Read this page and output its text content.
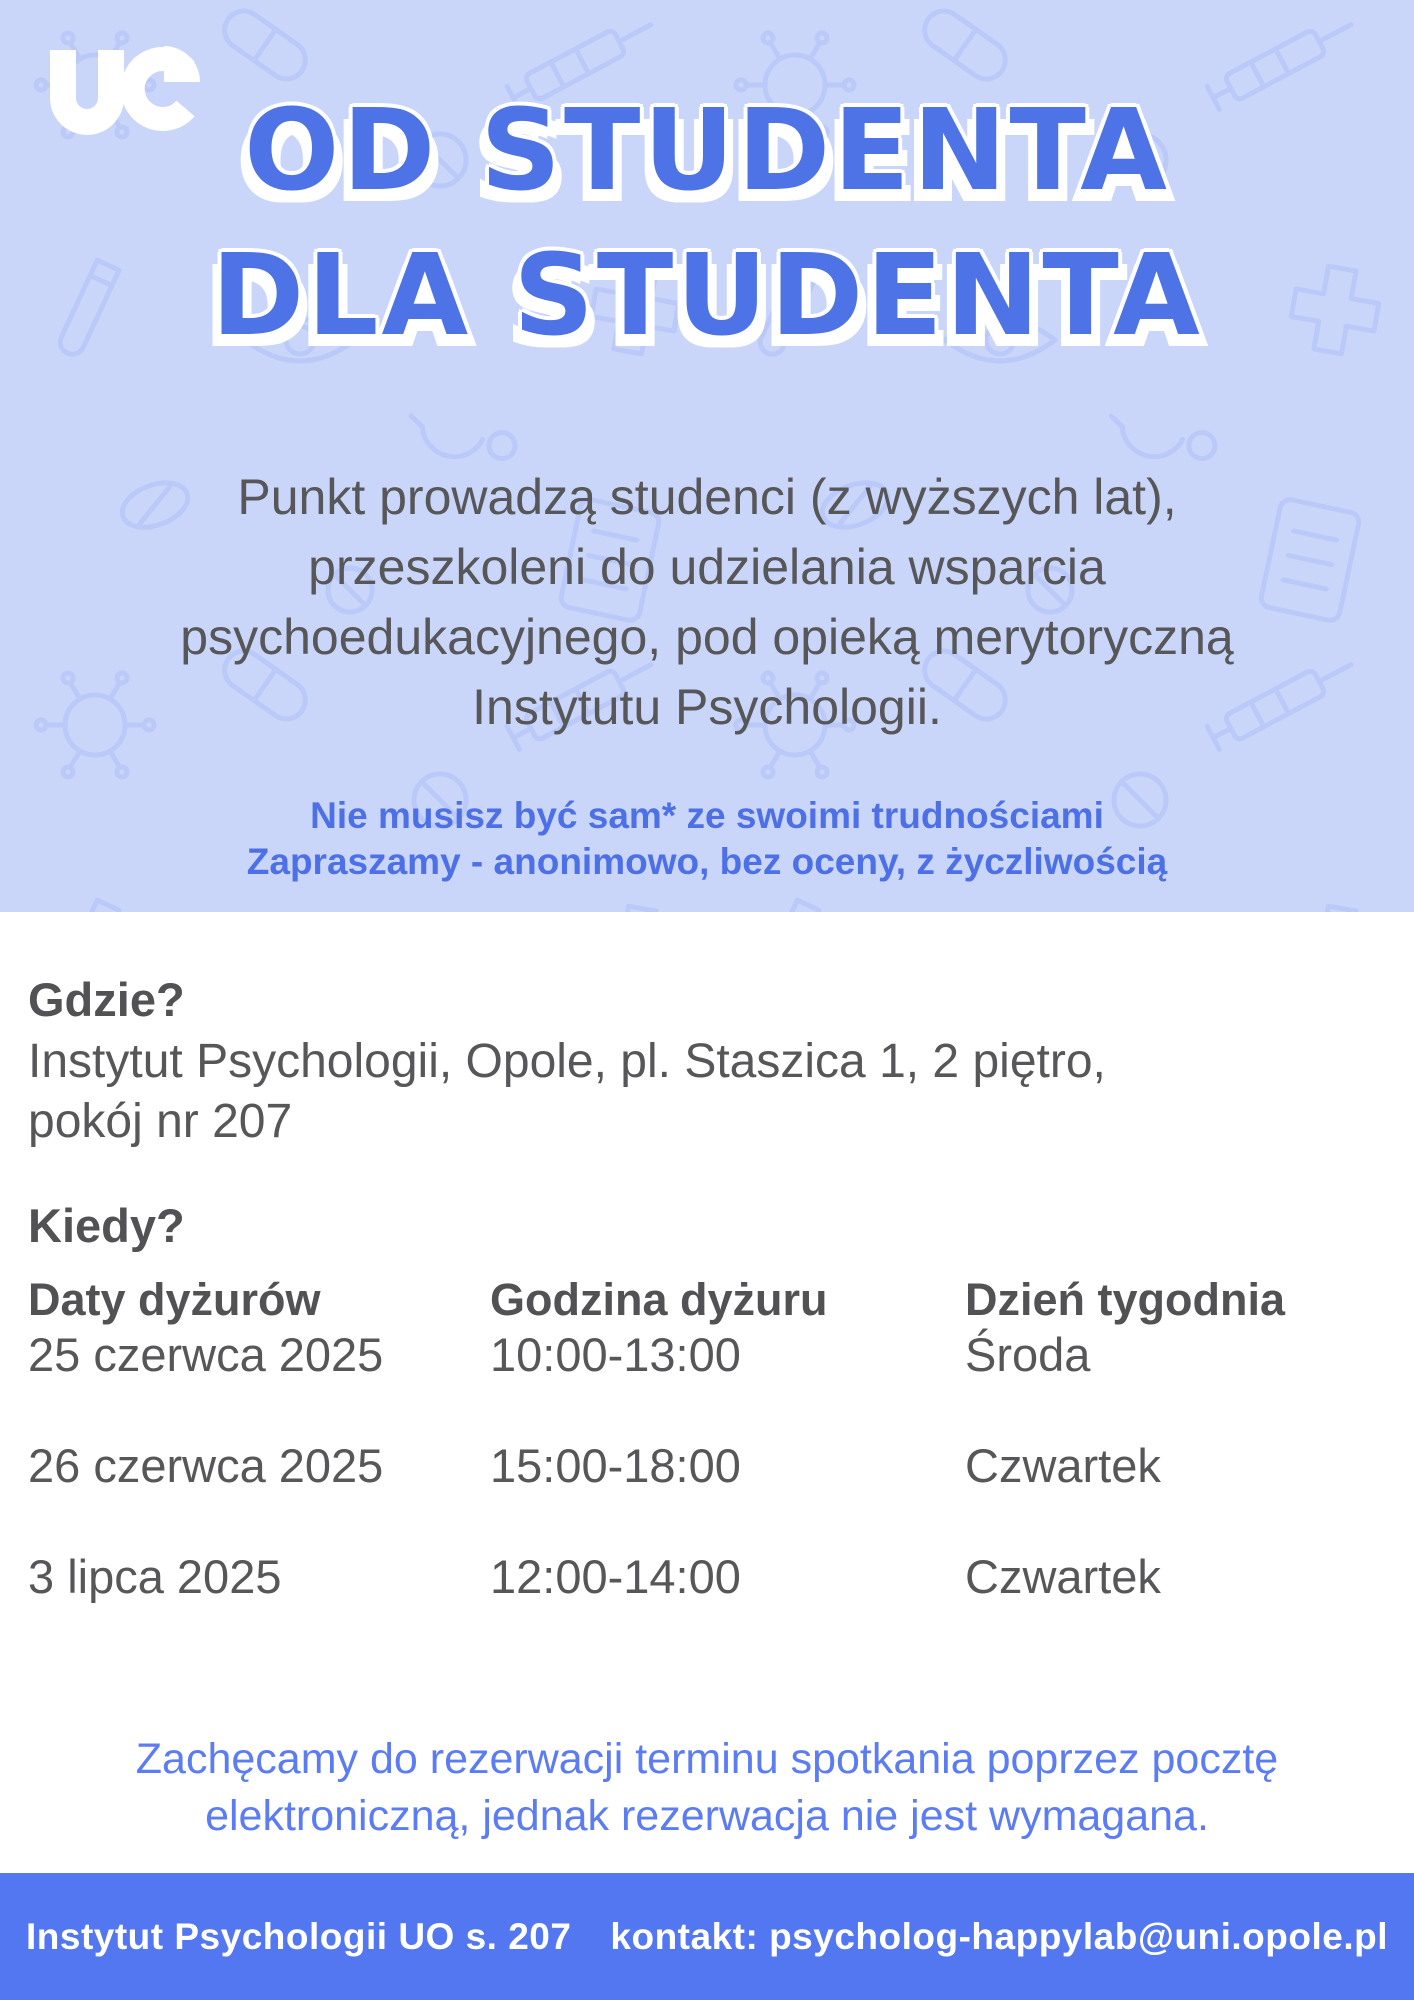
OD STUDENTA
DLA STUDENTA

Punkt prowadzą studenci (z wyższych lat), przeszkoleni do udzielania wsparcia psychoedukacyjnego, pod opieką merytoryczną Instytutu Psychologii.

Nie musisz być sam* ze swoimi trudnościami
Zapraszamy - anonimowo, bez oceny, z życzliwością
Gdzie?
Instytut Psychologii, Opole, pl. Staszica 1, 2 piętro, pokój nr 207
Kiedy?
Daty dyżurów	Godzina dyżuru	Dzień tygodnia
25 czerwca 2025	10:00-13:00	Środa
26 czerwca 2025	15:00-18:00	Czwartek
3 lipca 2025	12:00-14:00	Czwartek

Zachęcamy do rezerwacji terminu spotkania poprzez pocztę elektroniczną, jednak rezerwacja nie jest wymagana.

Instytut Psychologii UO s. 207 kontakt: psycholog-happylab@uni.opole.pl
